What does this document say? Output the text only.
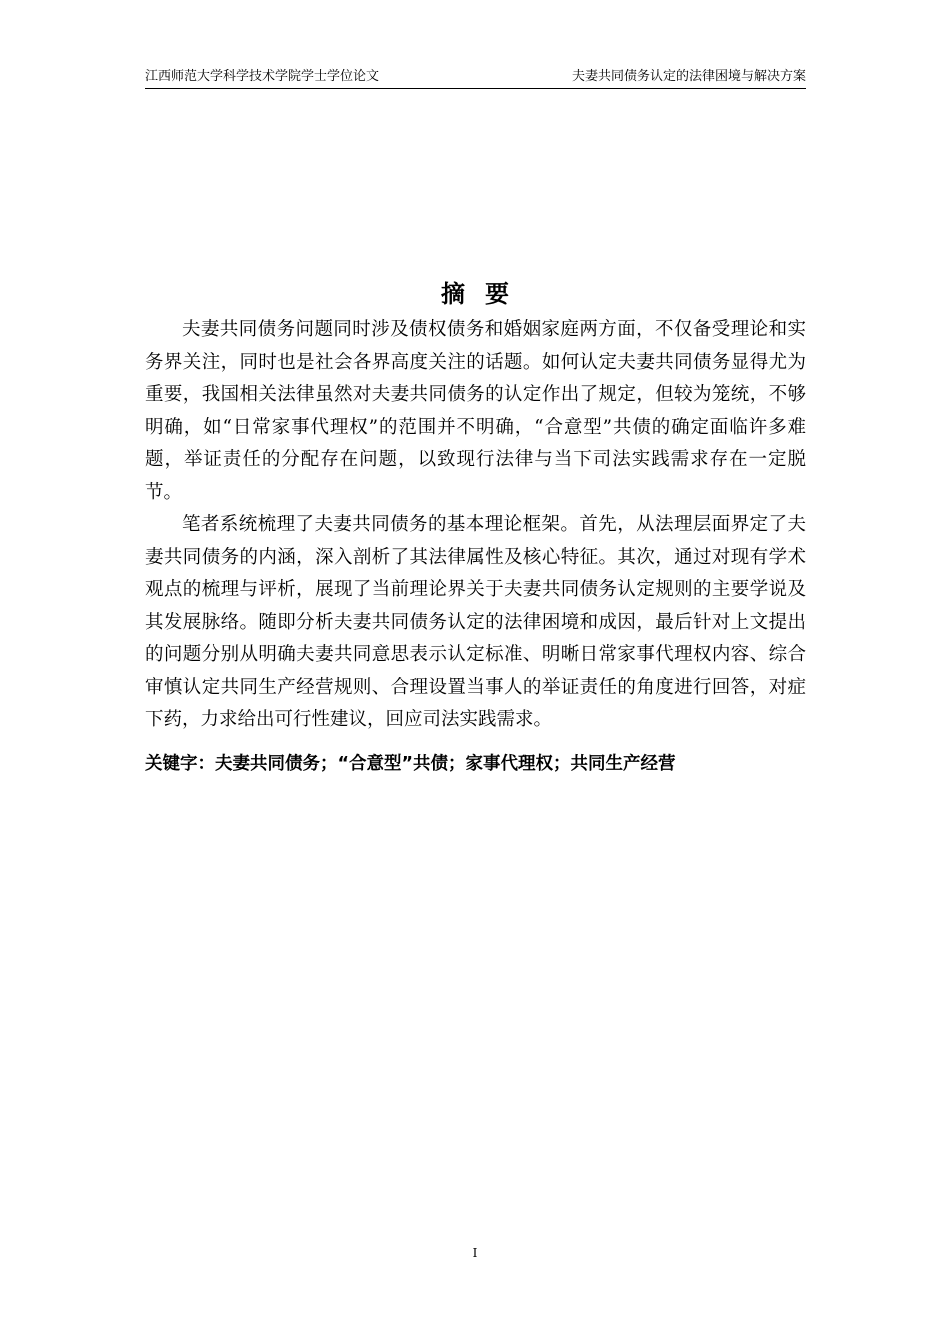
江西师范大学科学技术学院学士学位论文	夫妻共同债务认定的法律困境与解决方案
摘要

夫妻共同债务问题同时涉及债权债务和婚姻家庭两方面，不仅备受理论和实务界关注，同时也是社会各界高度关注的话题。如何认定夫妻共同债务显得尤为重要，我国相关法律虽然对夫妻共同债务的认定作出了规定，但较为笼统，不够明确，如“日常家事代理权”的范围并不明确，“合意型”共债的确定面临许多难题，举证责任的分配存在问题，以致现行法律与当下司法实践需求存在一定脱节。

笔者系统梳理了夫妻共同债务的基本理论框架。首先，从法理层面界定了夫妻共同债务的内涵，深入剖析了其法律属性及核心特征。其次，通过对现有学术观点的梳理与评析，展现了当前理论界关于夫妻共同债务认定规则的主要学说及其发展脉络。随即分析夫妻共同债务认定的法律困境和成因，最后针对上文提出的问题分别从明确夫妻共同意思表示认定标准、明晰日常家事代理权内容、综合审慎认定共同生产经营规则、合理设置当事人的举证责任的角度进行回答，对症下药，力求给出可行性建议，回应司法实践需求。

关键字：夫妻共同债务；“合意型”共债；家事代理权；共同生产经营
I
